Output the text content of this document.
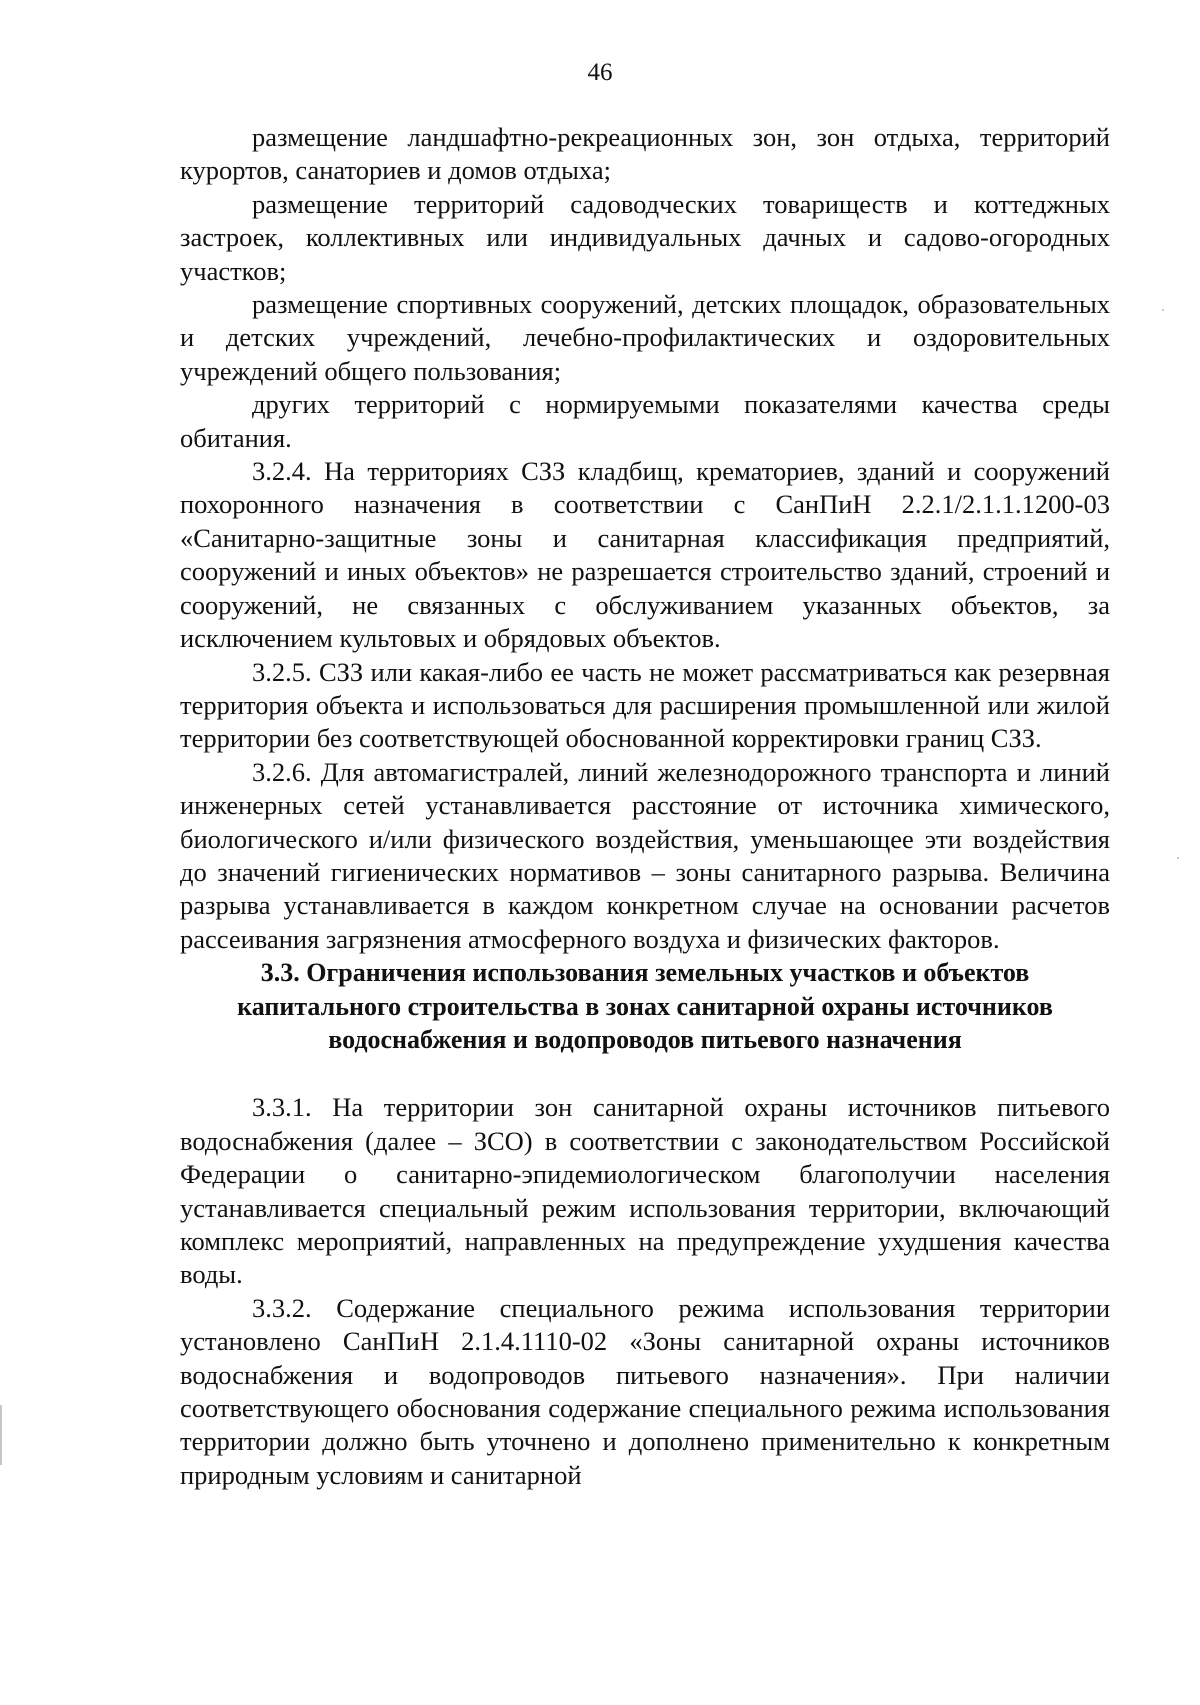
46

размещение ландшафтно-рекреационных зон, зон отдыха, территорий курортов, санаториев и домов отдыха;

размещение территорий садоводческих товариществ и коттеджных застроек, коллективных или индивидуальных дачных и садово-огородных участков;

размещение спортивных сооружений, детских площадок, образовательных и детских учреждений, лечебно-профилактических и оздоровительных учреждений общего пользования;

других территорий с нормируемыми показателями качества среды обитания.

3.2.4. На территориях СЗЗ кладбищ, крематориев, зданий и сооружений похоронного назначения в соответствии с СанПиН 2.2.1/2.1.1.1200-03 «Санитарно-защитные зоны и санитарная классификация предприятий, сооружений и иных объектов» не разрешается строительство зданий, строений и сооружений, не связанных с обслуживанием указанных объектов, за исключением культовых и обрядовых объектов.

3.2.5. СЗЗ или какая-либо ее часть не может рассматриваться как резервная территория объекта и использоваться для расширения промышленной или жилой территории без соответствующей обоснованной корректировки границ СЗЗ.

3.2.6. Для автомагистралей, линий железнодорожного транспорта и линий инженерных сетей устанавливается расстояние от источника химического, биологического и/или физического воздействия, уменьшающее эти воздействия до значений гигиенических нормативов – зоны санитарного разрыва. Величина разрыва устанавливается в каждом конкретном случае на основании расчетов рассеивания загрязнения атмосферного воздуха и физических факторов.

3.3. Ограничения использования земельных участков и объектов капитального строительства в зонах санитарной охраны источников водоснабжения и водопроводов питьевого назначения

3.3.1. На территории зон санитарной охраны источников питьевого водоснабжения (далее – ЗСО) в соответствии с законодательством Российской Федерации о санитарно-эпидемиологическом благополучии населения устанавливается специальный режим использования территории, включающий комплекс мероприятий, направленных на предупреждение ухудшения качества воды.

3.3.2. Содержание специального режима использования территории установлено СанПиН 2.1.4.1110-02 «Зоны санитарной охраны источников водоснабжения и водопроводов питьевого назначения». При наличии соответствующего обоснования содержание специального режима использования территории должно быть уточнено и дополнено применительно к конкретным природным условиям и санитарной
